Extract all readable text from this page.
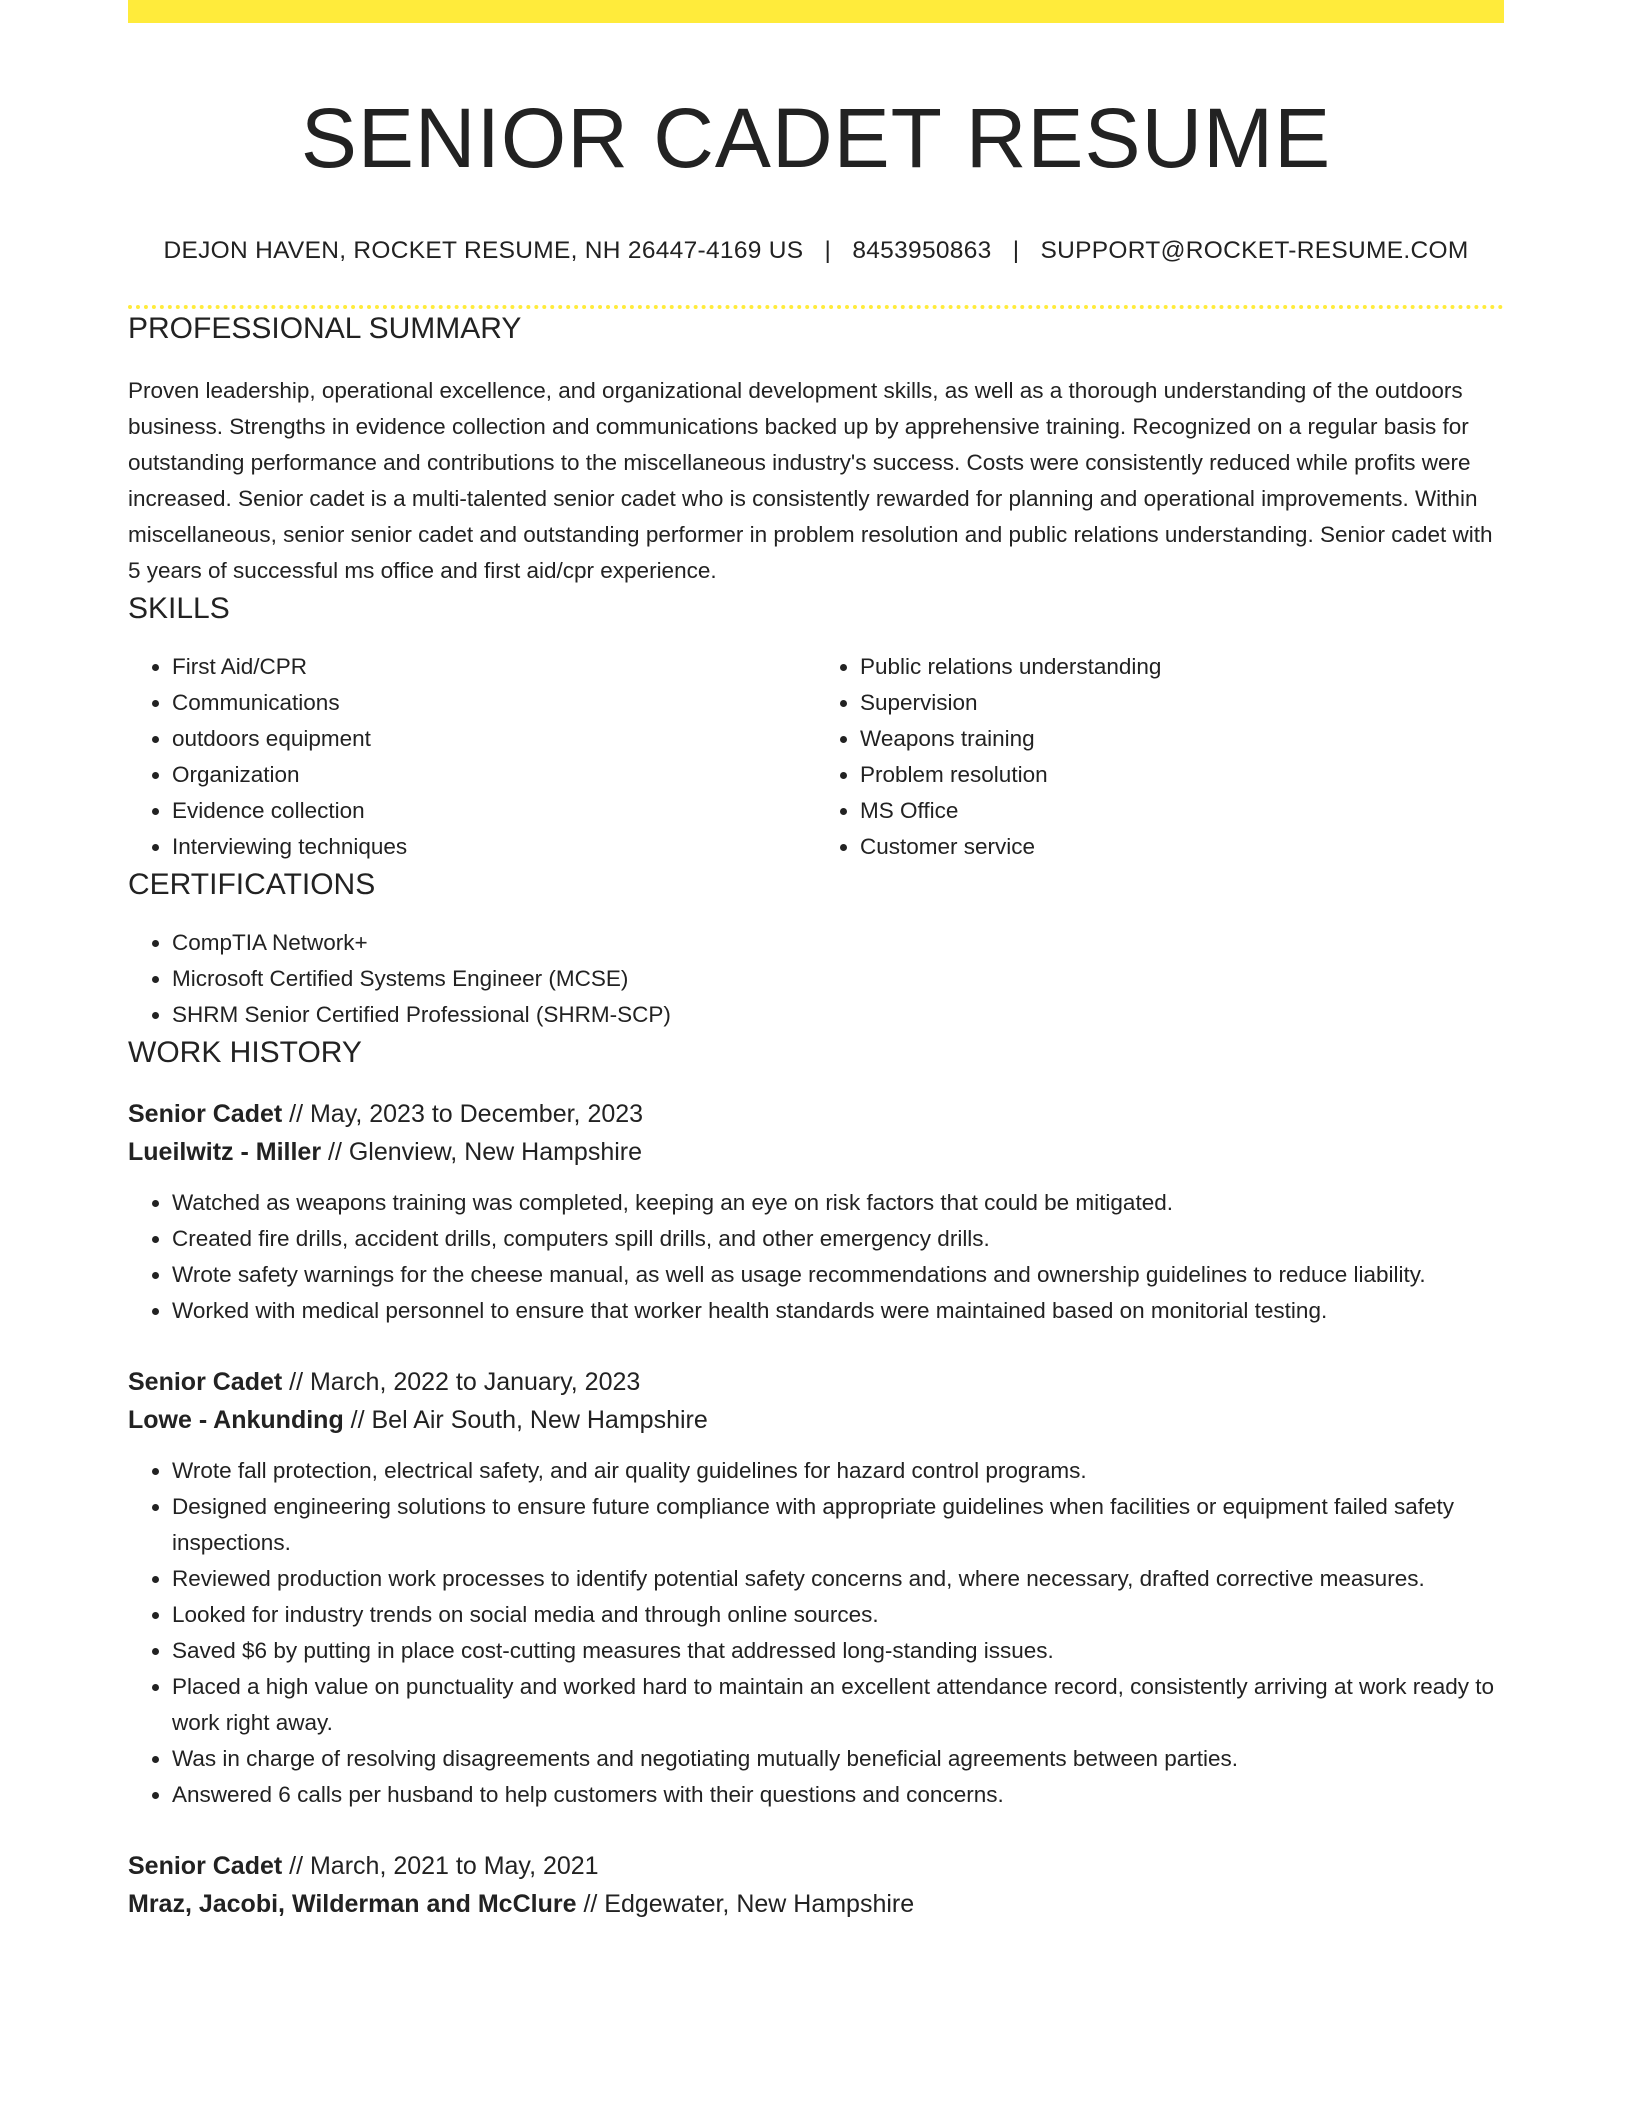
SENIOR CADET RESUME
DEJON HAVEN, ROCKET RESUME, NH 26447-4169 US | 8453950863 | SUPPORT@ROCKET-RESUME.COM
PROFESSIONAL SUMMARY

Proven leadership, operational excellence, and organizational development skills, as well as a thorough understanding of the outdoors business. Strengths in evidence collection and communications backed up by apprehensive training. Recognized on a regular basis for outstanding performance and contributions to the miscellaneous industry's success. Costs were consistently reduced while profits were increased. Senior cadet is a multi-talented senior cadet who is consistently rewarded for planning and operational improvements. Within miscellaneous, senior senior cadet and outstanding performer in problem resolution and public relations understanding. Senior cadet with 5 years of successful ms office and first aid/cpr experience.

SKILLS
• First Aid/CPR
• Communications
• outdoors equipment
• Organization
• Evidence collection
• Interviewing techniques
• Public relations understanding
• Supervision
• Weapons training
• Problem resolution
• MS Office
• Customer service
CERTIFICATIONS
• CompTIA Network+
• Microsoft Certified Systems Engineer (MCSE)
• SHRM Senior Certified Professional (SHRM-SCP)
WORK HISTORY
Senior Cadet // May, 2023 to December, 2023
Lueilwitz - Miller // Glenview, New Hampshire
• Watched as weapons training was completed, keeping an eye on risk factors that could be mitigated.
• Created fire drills, accident drills, computers spill drills, and other emergency drills.
• Wrote safety warnings for the cheese manual, as well as usage recommendations and ownership guidelines to reduce liability.
• Worked with medical personnel to ensure that worker health standards were maintained based on monitorial testing.
Senior Cadet // March, 2022 to January, 2023
Lowe - Ankunding // Bel Air South, New Hampshire
• Wrote fall protection, electrical safety, and air quality guidelines for hazard control programs.
• Designed engineering solutions to ensure future compliance with appropriate guidelines when facilities or equipment failed safety inspections.
• Reviewed production work processes to identify potential safety concerns and, where necessary, drafted corrective measures.
• Looked for industry trends on social media and through online sources.
• Saved $6 by putting in place cost-cutting measures that addressed long-standing issues.
• Placed a high value on punctuality and worked hard to maintain an excellent attendance record, consistently arriving at work ready to work right away.
• Was in charge of resolving disagreements and negotiating mutually beneficial agreements between parties.
• Answered 6 calls per husband to help customers with their questions and concerns.
Senior Cadet // March, 2021 to May, 2021
Mraz, Jacobi, Wilderman and McClure // Edgewater, New Hampshire
